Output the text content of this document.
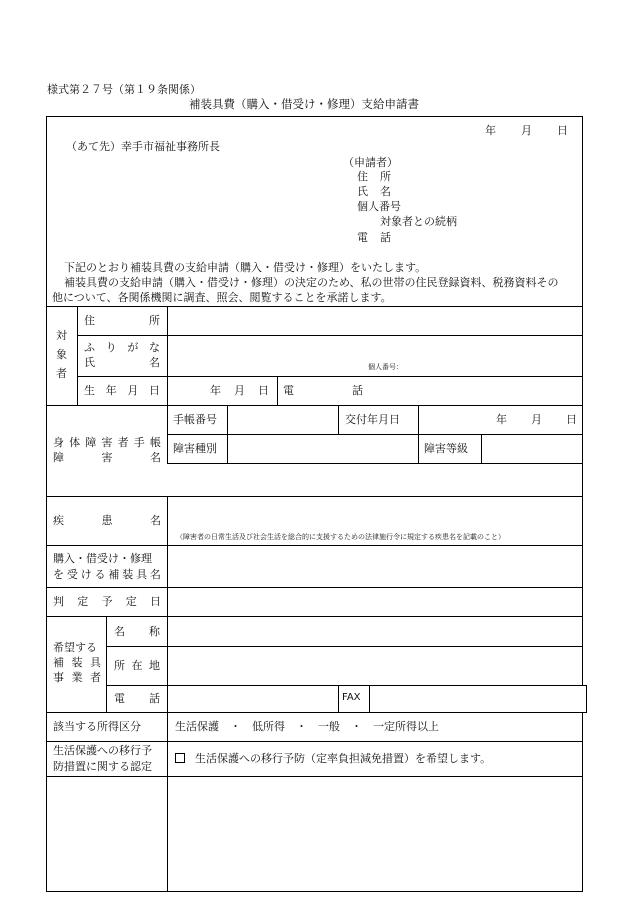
様式第２７号（第１９条関係）
補装具費（購入・借受け・修理）支給申請書
年 月 日
（あて先）幸手市福祉事務所長
（申請者）
住 所
氏 名
個人番号
対象者との続柄
電 話
下記のとおり補装具費の支給申請（購入・借受け・修理）をいたします。
補装具費の支給申請（購入・借受け・修理）の決定のため、私の世帯の住民登録資料、税務資料その
他について、各関係機関に調査、照会、閲覧することを承諾します。
対
象
者
住	所
ふ り が な
氏	名	個人番号：
生 年 月 日	年 月 日 電	話
身 体 障 害 者 手 帳
障	害	名
手帳番号	交付年月日	年 月 日
障害種別	障害等級
疾	患	名
（障害者の日常生活及び社会生活を総合的に支援するための法律施行令に規定する疾患名を記載のこと）
購入・借受け・修理
を 受 け る 補 装 具 名
判 定 予 定 日
希望する
補 装 具
事 業 者
名 称
所 在 地
電 話	FAX
該当する所得区分	生活保護　・　低所得　・　一般　・　一定所得以上
生活保護への移行予
防措置に関する認定
生活保護への移行予防（定率負担減免措置）を希望します。
